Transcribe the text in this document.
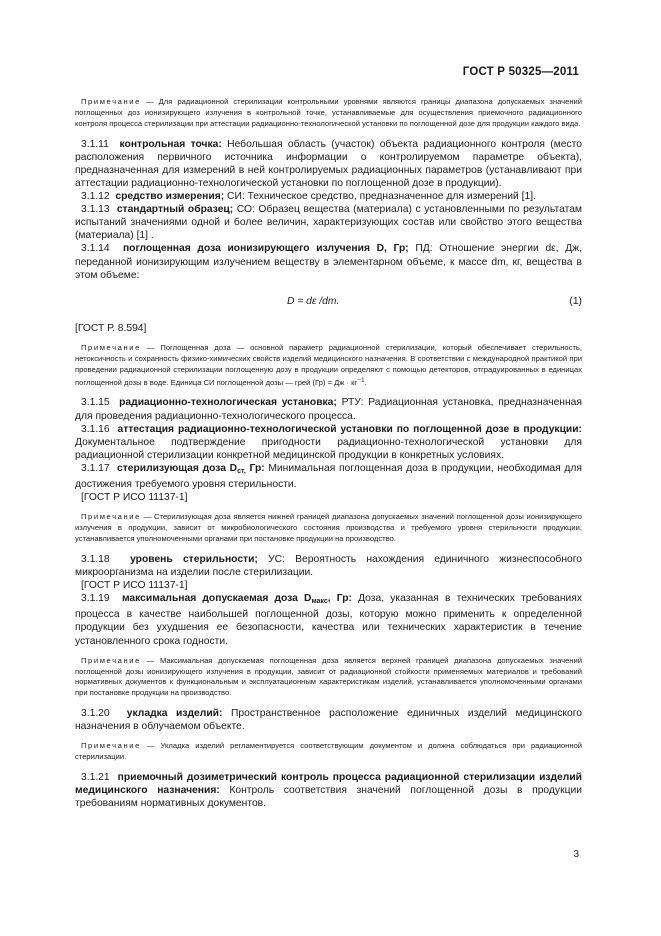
ГОСТ Р 50325—2011

Примечание — Для радиационной стерилизации контрольными уровнями являются границы диапазона допускаемых значений поглощенных доз ионизирующего излучения в контрольной точке, устанавливаемые для осуществления приемочного радиационного контроля процесса стерилизации при аттестации радиационно-технологической установки по поглощенной дозе для продукции каждого вида.

3.1.11 контрольная точка: Небольшая область (участок) объекта радиационного контроля (место расположения первичного источника информации о контролируемом параметре объекта), предназначенная для измерений в ней контролируемых радиационных параметров (устанавливают при аттестации радиационно-технологической установки по поглощенной дозе в продукции).

3.1.12 средство измерения; СИ: Техническое средство, предназначенное для измерений [1].

3.1.13 стандартный образец; СО: Образец вещества (материала) с установленными по результатам испытаний значениями одной и более величин, характеризующих состав или свойство этого вещества (материала) [1] .

3.1.14 поглощенная доза ионизирующего излучения D, Гр; ПД: Отношение энергии dε, Дж, переданной ионизирующим излучением веществу в элементарном объеме, к массе dm, кг, вещества в этом объеме:

D = dε /dm.	(1)

[ГОСТ Р. 8.594]

Примечание — Поглощенная доза — основной параметр радиационной стерилизации, который обеспечивает стерильность, нетоксичность и сохранность физико-химических свойств изделий медицинского назначения. В соответствии с международной практикой при проведении радиационной стерилизации поглощенную дозу в продукции определяют с помощью детекторов, отградуированных в единицах поглощенной дозы в воде. Единица СИ поглощенной дозы — грей (Гр) = Дж · $кг^{-1}$.

3.1.15 радиационно-технологическая установка; РТУ: Радиационная установка, предназначенная для проведения радиационно-технологического процесса.

3.1.16 аттестация радиационно-технологической установки по поглощенной дозе в продукции: Документальное подтверждение пригодности радиационно-технологической установки для радиационной стерилизации конкретной медицинской продукции в конкретных условиях.

3.1.17 стерилизующая доза $D_{ст,}$ Гр: Минимальная поглощенная доза в продукции, необходимая для достижения требуемого уровня стерильности.

[ГОСТ Р ИСО 11137-1]

Примечание — Стерилизующая доза является нижней границей диапазона допускаемых значений поглощенной дозы ионизирующего излучения в продукции, зависит от микробиологического состояния производства и требуемого уровня стерильности продукции, устанавливается уполномоченными органами при постановке продукции на производство.

3.1.18 уровень стерильности; УС: Вероятность нахождения единичного жизнеспособного микроорганизма на изделии после стерилизации.

[ГОСТ Р ИСО 11137-1]

3.1.19 максимальная допускаемая доза $D_{макс}$, Гр: Доза, указанная в технических требованиях процесса в качестве наибольшей поглощенной дозы, которую можно применить к определенной продукции без ухудшения ее безопасности, качества или технических характеристик в течение установленного срока годности.

Примечание — Максимальная допускаемая поглощенная доза является верхней границей диапазона допускаемых значений поглощенной дозы ионизирующего излучения в продукции, зависит от радиационной стойкости применяемых материалов и требований нормативных документов к функциональным и эксплуатационным характеристикам изделий, устанавливается уполномоченными органами при постановке продукции на производство.

3.1.20 укладка изделий: Пространственное расположение единичных изделий медицинского назначения в облучаемом объекте.

Примечание — Укладка изделий регламентируется соответствующим документом и должна соблюдаться при радиационной стерилизации.

3.1.21 приемочный дозиметрический контроль процесса радиационной стерилизации изделий медицинского назначения: Контроль соответствия значений поглощенной дозы в продукции требованиям нормативных документов.

3
